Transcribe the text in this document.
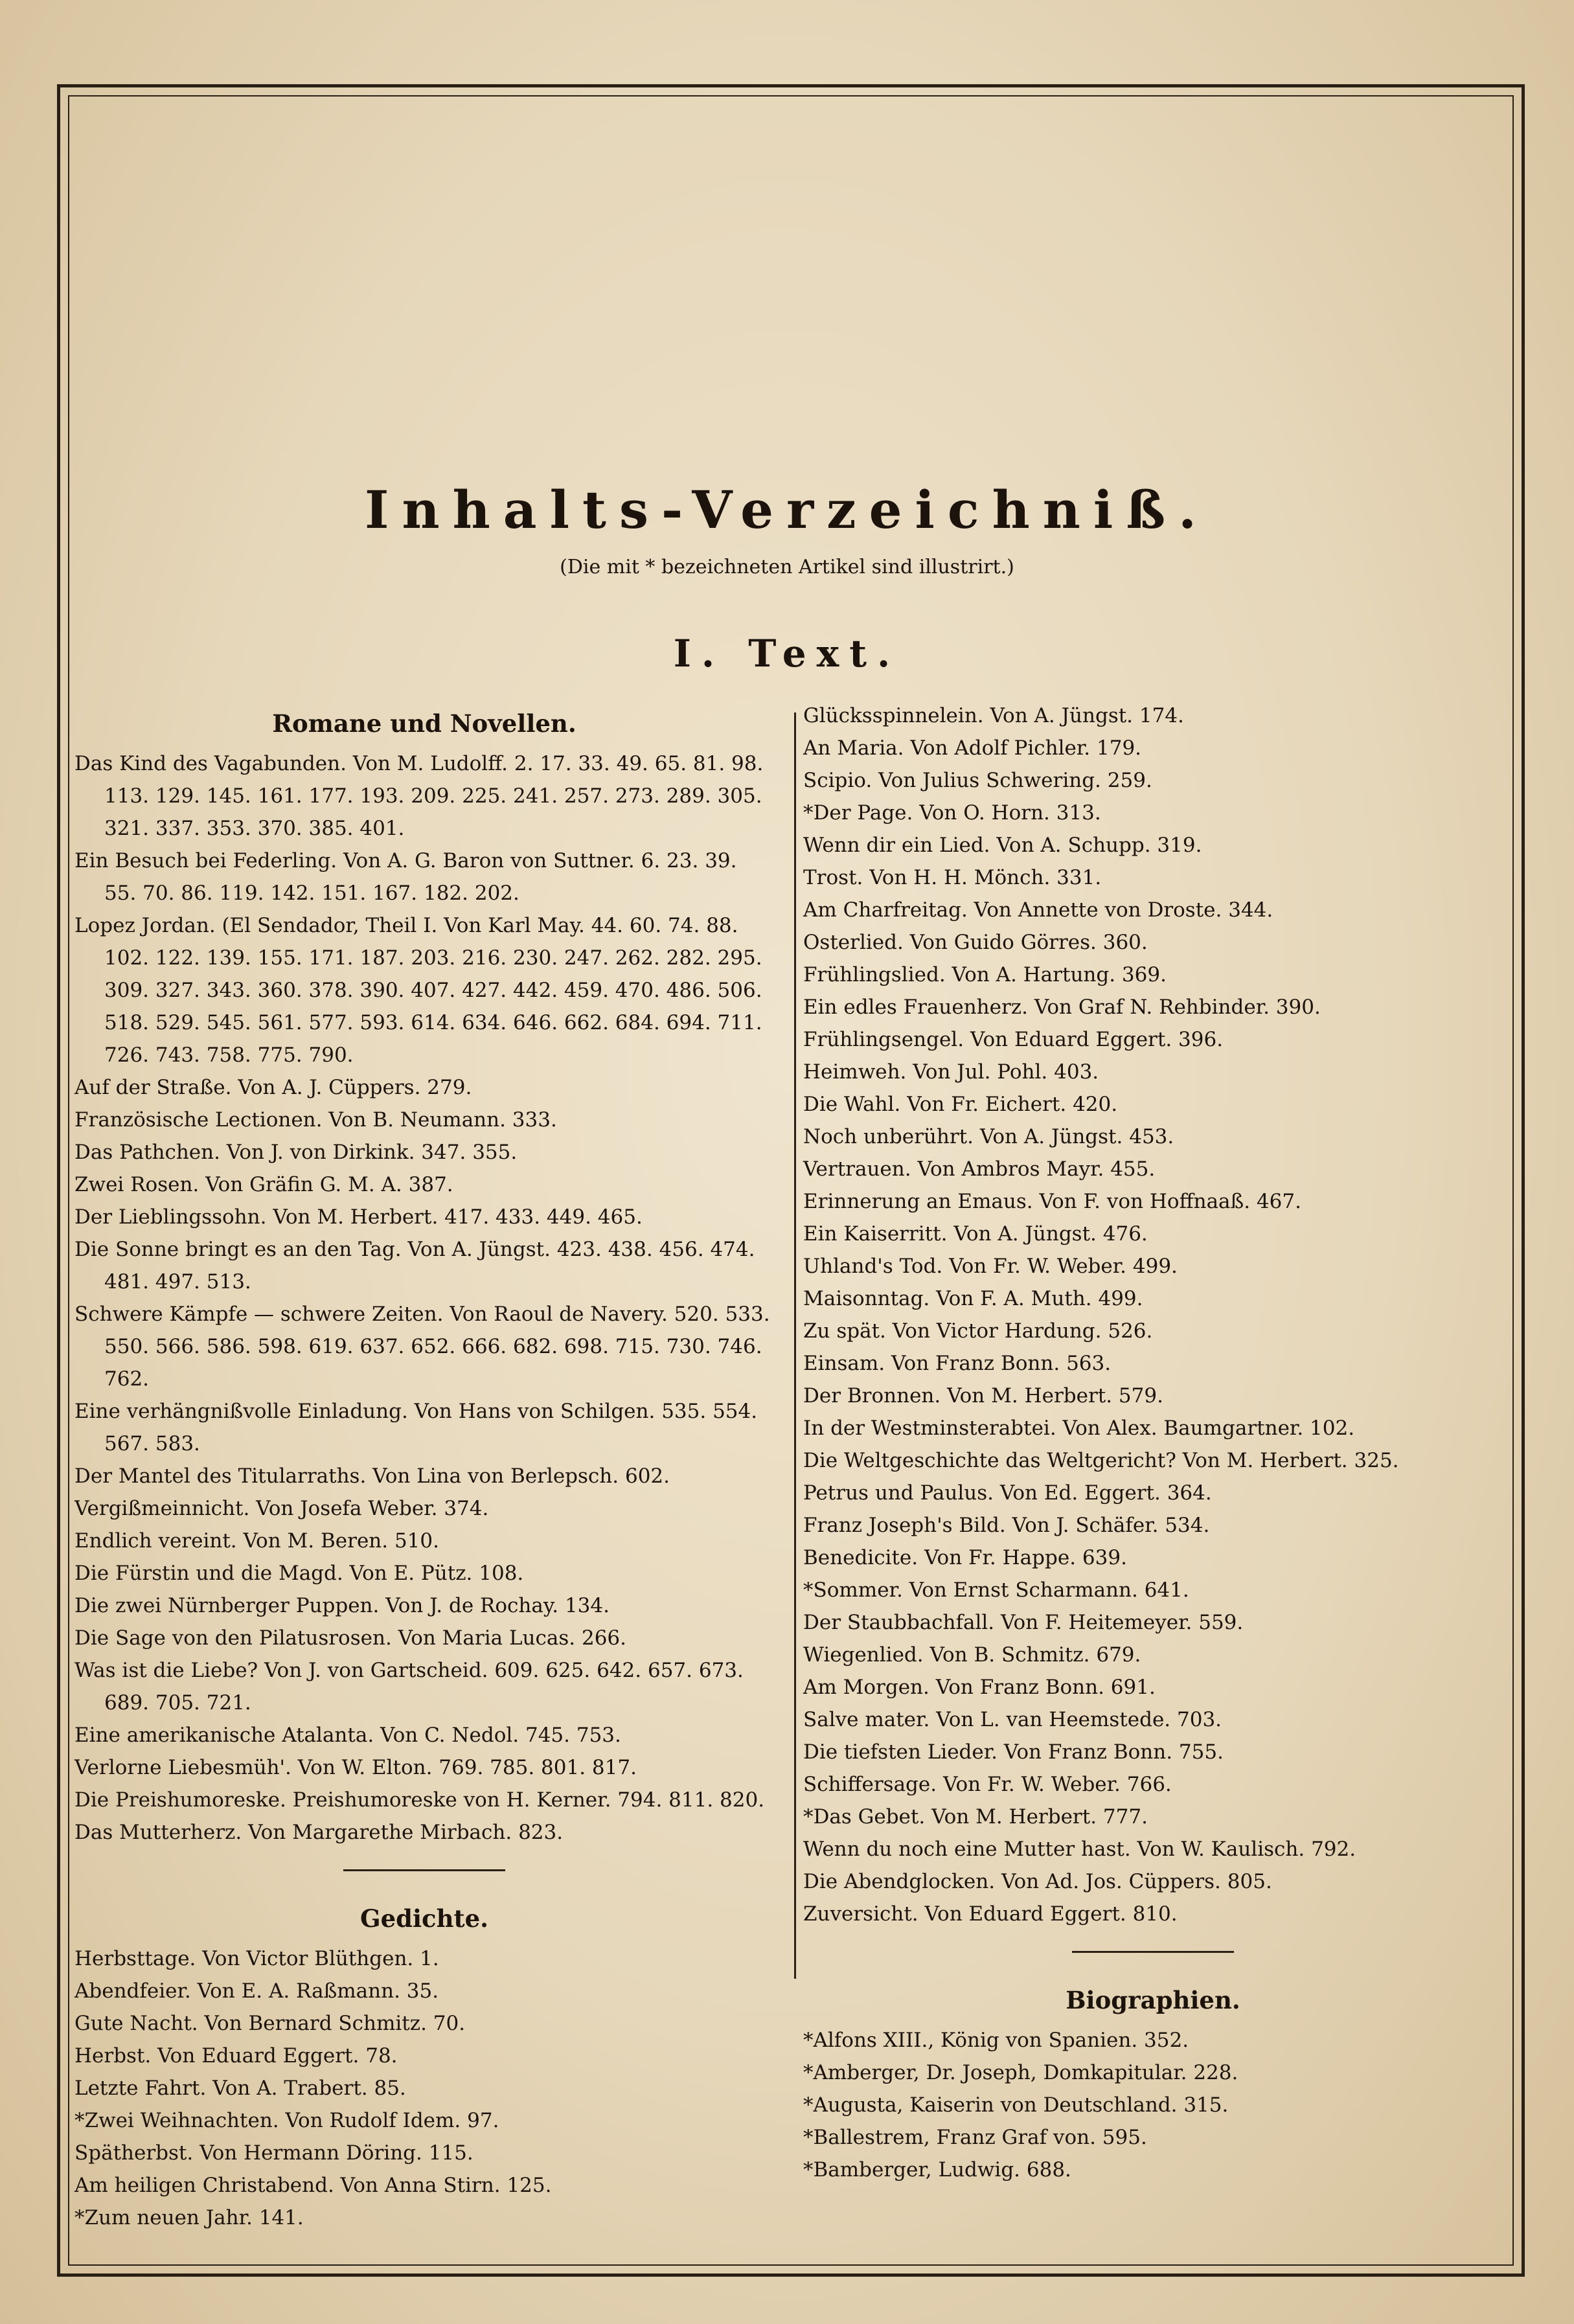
Inhalts-Verzeichniß.
(Die mit * bezeichneten Artikel sind illustrirt.)
I. Text.
Romane und Novellen.
Das Kind des Vagabunden. Von M. Ludolff. 2. 17. 33. 49. 65. 81. 98. 113. 129. 145. 161. 177. 193. 209. 225. 241. 257. 273. 289. 305. 321. 337. 353. 370. 385. 401.
Ein Besuch bei Federling. Von A. G. Baron von Suttner. 6. 23. 39. 55. 70. 86. 119. 142. 151. 167. 182. 202.
Lopez Jordan. (El Sendador, Theil I. Von Karl May. 44. 60. 74. 88. 102. 122. 139. 155. 171. 187. 203. 216. 230. 247. 262. 282. 295. 309. 327. 343. 360. 378. 390. 407. 427. 442. 459. 470. 486. 506. 518. 529. 545. 561. 577. 593. 614. 634. 646. 662. 684. 694. 711. 726. 743. 758. 775. 790.
Auf der Straße. Von A. J. Cüppers. 279.
Französische Lectionen. Von B. Neumann. 333.
Das Pathchen. Von J. von Dirkink. 347. 355.
Zwei Rosen. Von Gräfin G. M. A. 387.
Der Lieblingssohn. Von M. Herbert. 417. 433. 449. 465.
Die Sonne bringt es an den Tag. Von A. Jüngst. 423. 438. 456. 474. 481. 497. 513.
Schwere Kämpfe — schwere Zeiten. Von Raoul de Navery. 520. 533. 550. 566. 586. 598. 619. 637. 652. 666. 682. 698. 715. 730. 746. 762.
Eine verhängnißvolle Einladung. Von Hans von Schilgen. 535. 554. 567. 583.
Der Mantel des Titularraths. Von Lina von Berlepsch. 602.
Vergißmeinnicht. Von Josefa Weber. 374.
Endlich vereint. Von M. Beren. 510.
Die Fürstin und die Magd. Von E. Pütz. 108.
Die zwei Nürnberger Puppen. Von J. de Rochay. 134.
Die Sage von den Pilatusrosen. Von Maria Lucas. 266.
Was ist die Liebe? Von J. von Gartscheid. 609. 625. 642. 657. 673. 689. 705. 721.
Eine amerikanische Atalanta. Von C. Nedol. 745. 753.
Verlorne Liebesmüh'. Von W. Elton. 769. 785. 801. 817.
Die Preishumoreske. Preishumoreske von H. Kerner. 794. 811. 820.
Das Mutterherz. Von Margarethe Mirbach. 823.
Gedichte.
Herbsttage. Von Victor Blüthgen. 1.
Abendfeier. Von E. A. Raßmann. 35.
Gute Nacht. Von Bernard Schmitz. 70.
Herbst. Von Eduard Eggert. 78.
Letzte Fahrt. Von A. Trabert. 85.
*Zwei Weihnachten. Von Rudolf Idem. 97.
Spätherbst. Von Hermann Döring. 115.
Am heiligen Christabend. Von Anna Stirn. 125.
*Zum neuen Jahr. 141.
Glücksspinnelein. Von A. Jüngst. 174.
An Maria. Von Adolf Pichler. 179.
Scipio. Von Julius Schwering. 259.
*Der Page. Von O. Horn. 313.
Wenn dir ein Lied. Von A. Schupp. 319.
Trost. Von H. H. Mönch. 331.
Am Charfreitag. Von Annette von Droste. 344.
Osterlied. Von Guido Görres. 360.
Frühlingslied. Von A. Hartung. 369.
Ein edles Frauenherz. Von Graf N. Rehbinder. 390.
Frühlingsengel. Von Eduard Eggert. 396.
Heimweh. Von Jul. Pohl. 403.
Die Wahl. Von Fr. Eichert. 420.
Noch unberührt. Von A. Jüngst. 453.
Vertrauen. Von Ambros Mayr. 455.
Erinnerung an Emaus. Von F. von Hoffnaaß. 467.
Ein Kaiserritt. Von A. Jüngst. 476.
Uhland's Tod. Von Fr. W. Weber. 499.
Maisonntag. Von F. A. Muth. 499.
Zu spät. Von Victor Hardung. 526.
Einsam. Von Franz Bonn. 563.
Der Bronnen. Von M. Herbert. 579.
In der Westminsterabtei. Von Alex. Baumgartner. 102.
Die Weltgeschichte das Weltgericht? Von M. Herbert. 325.
Petrus und Paulus. Von Ed. Eggert. 364.
Franz Joseph's Bild. Von J. Schäfer. 534.
Benedicite. Von Fr. Happe. 639.
*Sommer. Von Ernst Scharmann. 641.
Der Staubbachfall. Von F. Heitemeyer. 559.
Wiegenlied. Von B. Schmitz. 679.
Am Morgen. Von Franz Bonn. 691.
Salve mater. Von L. van Heemstede. 703.
Die tiefsten Lieder. Von Franz Bonn. 755.
Schiffersage. Von Fr. W. Weber. 766.
*Das Gebet. Von M. Herbert. 777.
Wenn du noch eine Mutter hast. Von W. Kaulisch. 792.
Die Abendglocken. Von Ad. Jos. Cüppers. 805.
Zuversicht. Von Eduard Eggert. 810.
Biographien.
*Alfons XIII., König von Spanien. 352.
*Amberger, Dr. Joseph, Domkapitular. 228.
*Augusta, Kaiserin von Deutschland. 315.
*Ballestrem, Franz Graf von. 595.
*Bamberger, Ludwig. 688.
